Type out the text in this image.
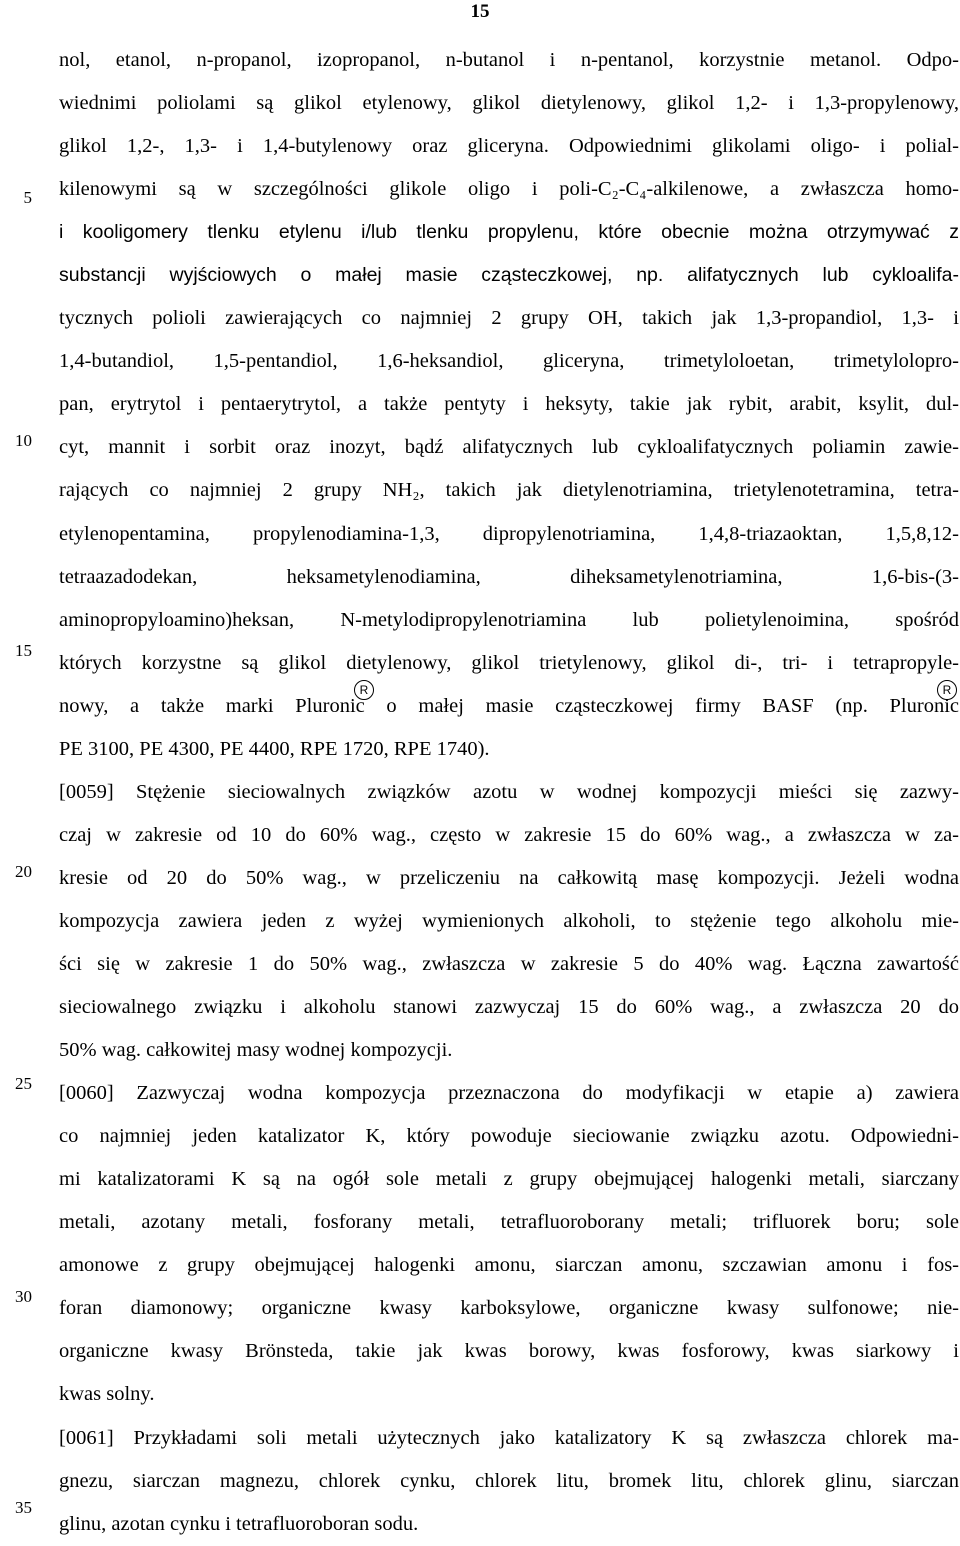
15
5
10
15
20
25
30
35
nol, etanol, n-propanol, izopropanol, n-butanol i n-pentanol, korzystnie metanol. Odpo-
wiednimi poliolami są glikol etylenowy, glikol dietylenowy, glikol 1,2- i 1,3-propylenowy,
glikol 1,2-, 1,3- i 1,4-butylenowy oraz gliceryna. Odpowiednimi glikolami oligo- i polial-
kilenowymi są w szczególności glikole oligo i poli-C₂-C₄-alkilenowe, a zwłaszcza homo-
i kooligomery tlenku etylenu i/lub tlenku propylenu, które obecnie można otrzymywać z
substancji wyjściowych o małej masie cząsteczkowej, np. alifatycznych lub cykloalifa-
tycznych polioli zawierających co najmniej 2 grupy OH, takich jak 1,3-propandiol, 1,3- i
1,4-butandiol, 1,5-pentandiol, 1,6-heksandiol, gliceryna, trimetyloloetan, trimetylolopro-
pan, erytrytol i pentaerytrytol, a także pentyty i heksyty, takie jak rybit, arabit, ksylit, dul-
cyt, mannit i sorbit oraz inozyt, bądź alifatycznych lub cykloalifatycznych poliamin zawie-
rających co najmniej 2 grupy NH₂, takich jak dietylenotriamina, trietylenotetramina, tetra-
etylenopentamina, propylenodiamina-1,3, dipropylenotriamina, 1,4,8-triazaoktan, 1,5,8,12-
tetraazadodekan, heksametylenodiamina, diheksametylenotriamina, 1,6-bis-(3-
aminopropyloamino)heksan, N-metylodipropylenotriamina lub polietylenoimina, spośród
których korzystne są glikol dietylenowy, glikol trietylenowy, glikol di-, tri- i tetrapropyle-
nowy, a także marki Pluronic o małej masie cząsteczkowej firmy BASF (np. Pluronic
PE 3100, PE 4300, PE 4400, RPE 1720, RPE 1740).
[0059] Stężenie sieciowalnych związków azotu w wodnej kompozycji mieści się zazwy-
czaj w zakresie od 10 do 60% wag., często w zakresie 15 do 60% wag., a zwłaszcza w za-
kresie od 20 do 50% wag., w przeliczeniu na całkowitą masę kompozycji. Jeżeli wodna
kompozycja zawiera jeden z wyżej wymienionych alkoholi, to stężenie tego alkoholu mie-
ści się w zakresie 1 do 50% wag., zwłaszcza w zakresie 5 do 40% wag. Łączna zawartość
sieciowalnego związku i alkoholu stanowi zazwyczaj 15 do 60% wag., a zwłaszcza 20 do
50% wag. całkowitej masy wodnej kompozycji.
[0060] Zazwyczaj wodna kompozycja przeznaczona do modyfikacji w etapie a) zawiera
co najmniej jeden katalizator K, który powoduje sieciowanie związku azotu. Odpowiedni-
mi katalizatorami K są na ogół sole metali z grupy obejmującej halogenki metali, siarczany
metali, azotany metali, fosforany metali, tetrafluoroborany metali; trifluorek boru; sole
amonowe z grupy obejmującej halogenki amonu, siarczan amonu, szczawian amonu i fos-
foran diamonowy; organiczne kwasy karboksylowe, organiczne kwasy sulfonowe; nie-
organiczne kwasy Brönsteda, takie jak kwas borowy, kwas fosforowy, kwas siarkowy i
kwas solny.
[0061] Przykładami soli metali użytecznych jako katalizatory K są zwłaszcza chlorek ma-
gnezu, siarczan magnezu, chlorek cynku, chlorek litu, bromek litu, chlorek glinu, siarczan
glinu, azotan cynku i tetrafluoroboran sodu.
R	R
